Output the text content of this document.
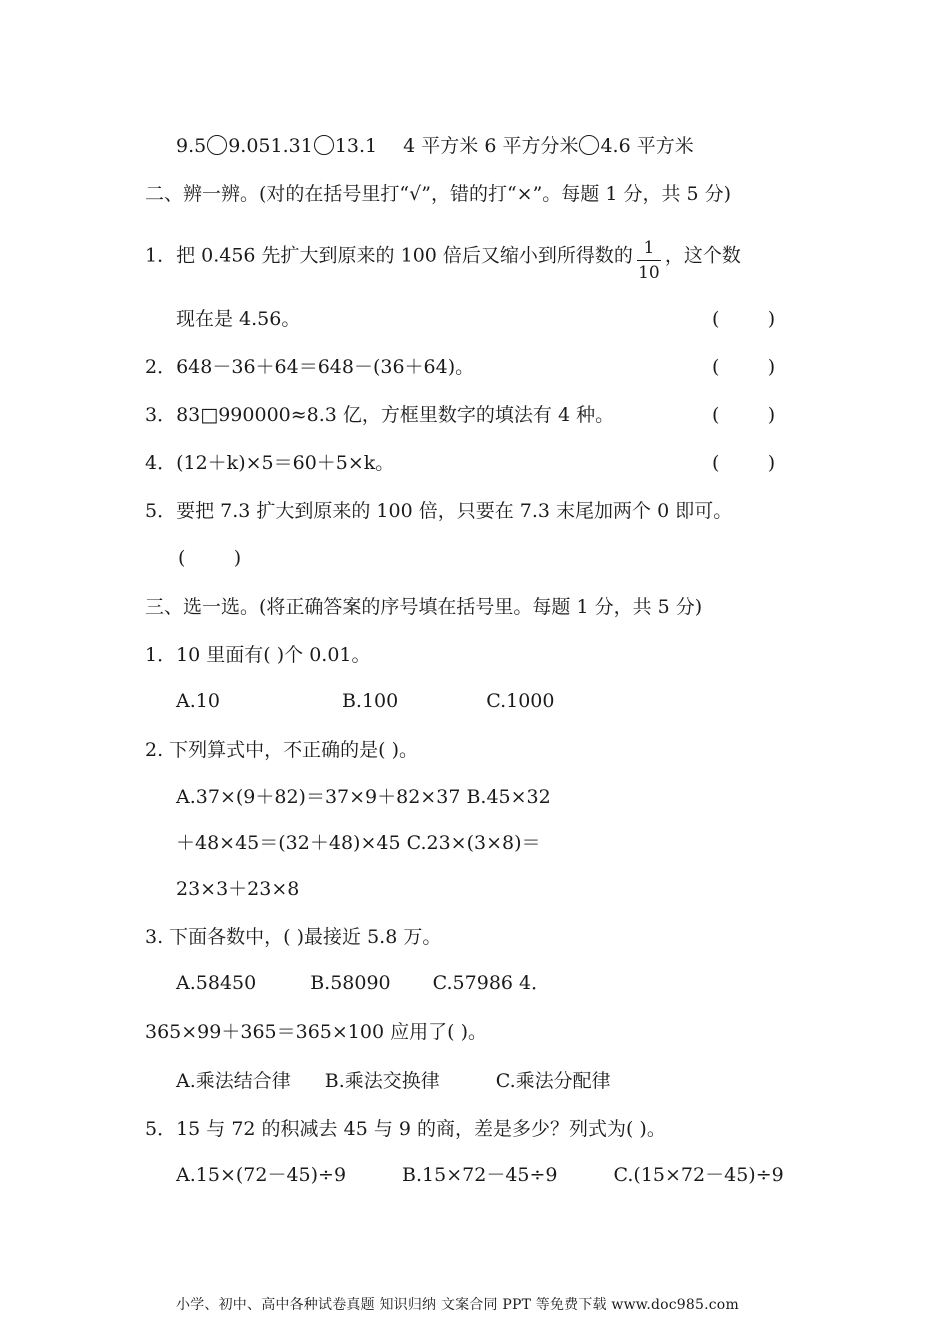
9.5 9.051.31 13.1 4 平方米 6 平方分米 4.6 平方米
二、辨一辨。(对的在括号里打“√”，错的打“×”。每题 1 分，共 5 分)
1．把 0.456 先扩大到原来的 100 倍后又缩小到所得数的 $\frac{1}{10}$ ，这个数
现在是 4.56。	(        )
2．648－36＋64＝648－(36＋64)。	(        )
3．83□990000≈8.3 亿，方框里数字的填法有 4 种。	(        )
4．(12＋k)×5＝60＋5×k。	(        )
5．要把 7.3 扩大到原来的 100 倍，只要在 7.3 末尾加两个 0 即可。
(        )
三、选一选。(将正确答案的序号填在括号里。每题 1 分，共 5 分)
1．10 里面有( )个 0.01。
A.10	B.100	C.1000
2. 下列算式中，不正确的是( )。
A.37×(9＋82)＝37×9＋82×37 B.45×32
＋48×45＝(32＋48)×45 C.23×(3×8)＝
23×3＋23×8
3. 下面各数中，( )最接近 5.8 万。
A.58450	B.58090 C.57986 4．
365×99＋365＝365×100 应用了( )。
A.乘法结合律 B.乘法交换律	C.乘法分配律
5．15 与 72 的积减去 45 与 9 的商，差是多少？列式为( )。
A.15×(72－45)÷9	B.15×72－45÷9	C.(15×72－45)÷9
小学、初中、高中各种试卷真题 知识归纳 文案合同 PPT 等免费下载 www.doc985.com
